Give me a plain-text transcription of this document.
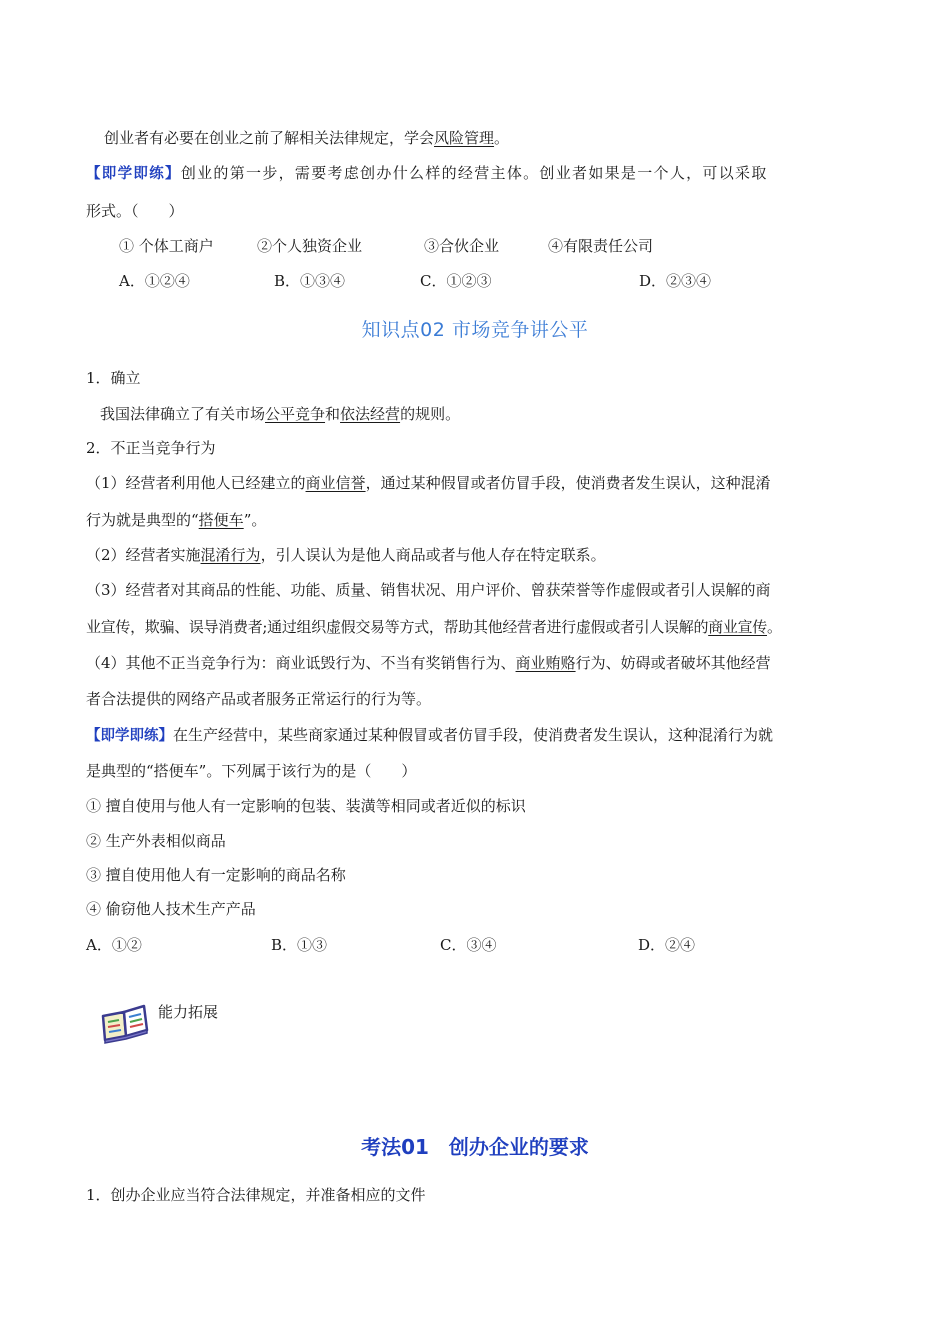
创业者有必要在创业之前了解相关法律规定，学会风险管理。
【即学即练】创业的第一步，需要考虑创办什么样的经营主体。创业者如果是一个人，可以采取
形式。（　　）
① 个体工商户	②个人独资企业	③合伙企业	④有限责任公司
A．①②④	B．①③④	C．①②③	D．②③④
知识点02 市场竞争讲公平
1．确立
我国法律确立了有关市场公平竞争和依法经营的规则。
2．不正当竞争行为
（1）经营者利用他人已经建立的商业信誉，通过某种假冒或者仿冒手段，使消费者发生误认，这种混淆
行为就是典型的“搭便车”。
（2）经营者实施混淆行为，引人误认为是他人商品或者与他人存在特定联系。
（3）经营者对其商品的性能、功能、质量、销售状况、用户评价、曾获荣誉等作虚假或者引人误解的商
业宣传，欺骗、误导消费者;通过组织虚假交易等方式，帮助其他经营者进行虚假或者引人误解的商业宣传。
（4）其他不正当竞争行为：商业诋毁行为、不当有奖销售行为、商业贿赂行为、妨碍或者破坏其他经营
者合法提供的网络产品或者服务正常运行的行为等。
【即学即练】在生产经营中，某些商家通过某种假冒或者仿冒手段，使消费者发生误认，这种混淆行为就
是典型的“搭便车”。下列属于该行为的是（　　）
① 擅自使用与他人有一定影响的包装、装潢等相同或者近似的标识
② 生产外表相似商品
③ 擅自使用他人有一定影响的商品名称
④ 偷窃他人技术生产产品
A．①②	B．①③	C．③④	D．②④
能力拓展
考法01　创办企业的要求
1．创办企业应当符合法律规定，并准备相应的文件
